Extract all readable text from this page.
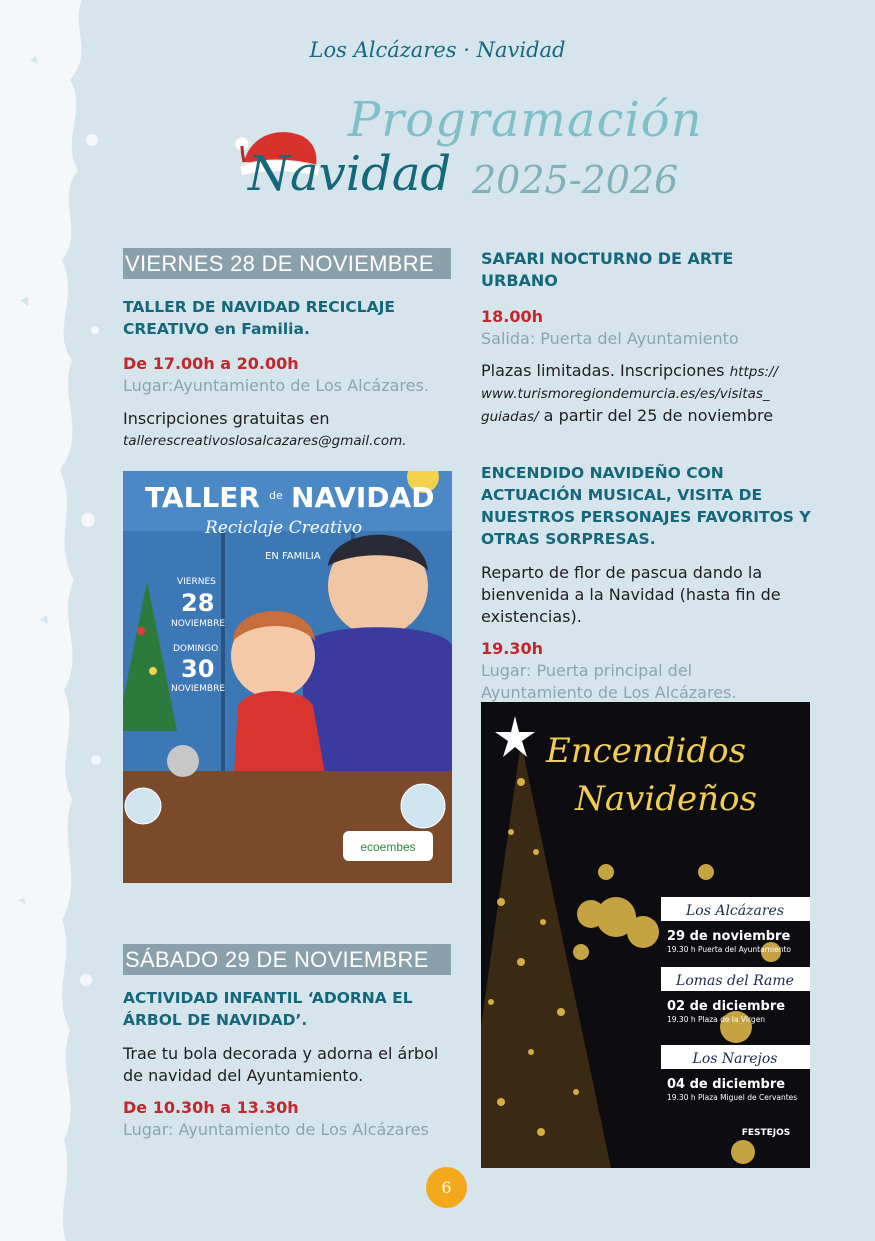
Los Alcázares · Navidad
Programación
Navidad 2025-2026
VIERNES 28 DE NOVIEMBRE
TALLER DE NAVIDAD RECICLAJE
CREATIVO en Familia.
De 17.00h a 20.00h
Lugar:Ayuntamiento de Los Alcázares.
Inscripciones gratuitas en
tallerescreativoslosalcazares@gmail.com.
ecoembes
TALLER de NAVIDAD
Reciclaje Creativo
EN FAMILIA
VIERNES
28
NOVIEMBRE
DOMINGO
30
NOVIEMBRE
SÁBADO 29 DE NOVIEMBRE
ACTIVIDAD INFANTIL ‘ADORNA EL
ÁRBOL DE NAVIDAD’.
Trae tu bola decorada y adorna el árbol
de navidad del Ayuntamiento.
De 10.30h a 13.30h
Lugar: Ayuntamiento de Los Alcázares
SAFARI NOCTURNO DE ARTE URBANO
18.00h
Salida: Puerta del Ayuntamiento
Plazas limitadas. Inscripciones https://
www.turismoregiondemurcia.es/es/visitas_
guiadas/ a partir del 25 de noviembre
ENCENDIDO NAVIDEÑO CON
ACTUACIÓN MUSICAL, VISITA DE
NUESTROS PERSONAJES FAVORITOS Y
OTRAS SORPRESAS.
Reparto de flor de pascua dando la
bienvenida a la Navidad (hasta fin de
existencias).
19.30h
Lugar: Puerta principal del
Ayuntamiento de Los Alcázares.
Encendidos
Navideños
Los Alcázares
29 de noviembre
19.30 h Puerta del Ayuntamiento
Lomas del Rame
02 de diciembre
19.30 h Plaza de la Virgen
Los Narejos
04 de diciembre
19.30 h Plaza Miguel de Cervantes
FESTEJOS
6
